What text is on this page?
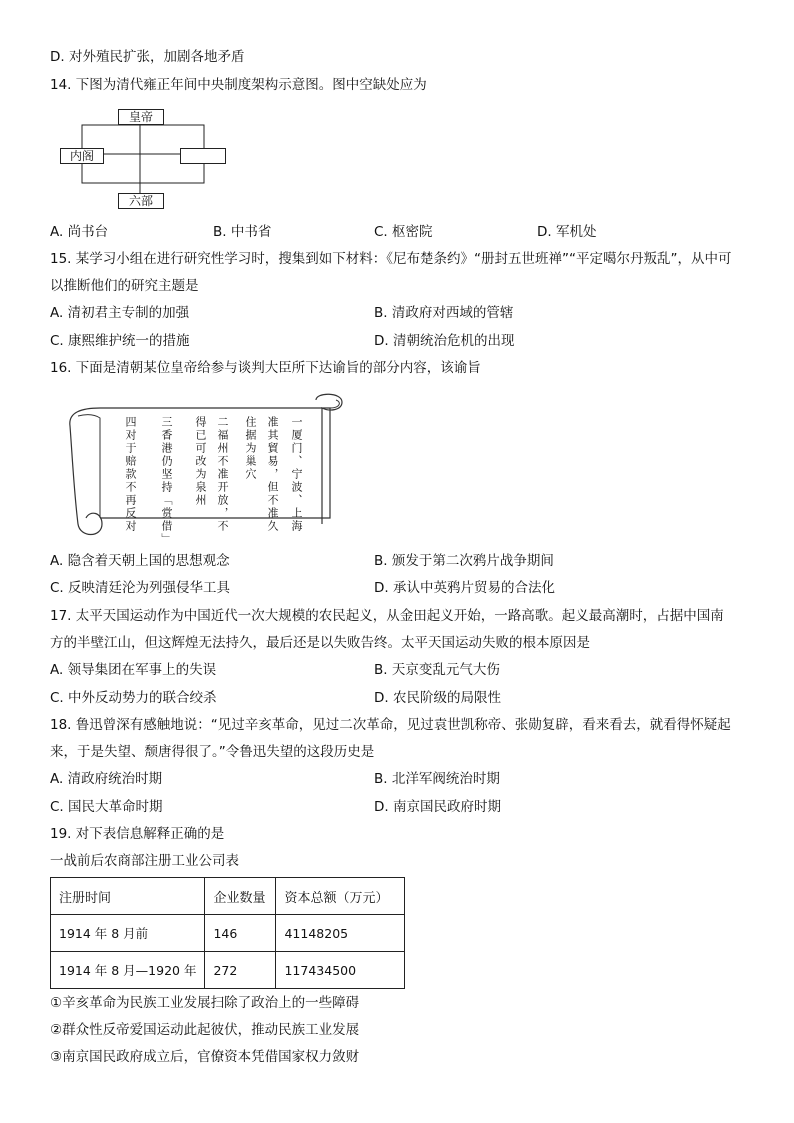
D. 对外殖民扩张，加剧各地矛盾
14. 下图为清代雍正年间中央制度架构示意图。图中空缺处应为
皇帝
内阁
六部
A. 尚书台	B. 中书省	C. 枢密院	D. 军机处
15. 某学习小组在进行研究性学习时，搜集到如下材料：《尼布楚条约》“册封五世班禅”“平定噶尔丹叛乱”，从中可
以推断他们的研究主题是
A. 清初君主专制的加强	B. 清政府对西域的管辖
C. 康熙维护统一的措施	D. 清朝统治危机的出现
16. 下面是清朝某位皇帝给参与谈判大臣所下达谕旨的部分内容，该谕旨
一厦门、宁波、上海
准其貿易，但不准久
住据为巢穴
二福州不准开放，不
得已可改为泉州
三香港仍坚持「赏借」
四对于赔款不再反对
A. 隐含着天朝上国的思想观念	B. 颁发于第二次鸦片战争期间
C. 反映清廷沦为列强侵华工具	D. 承认中英鸦片贸易的合法化
17. 太平天国运动作为中国近代一次大规模的农民起义，从金田起义开始，一路高歌。起义最高潮时，占据中国南
方的半壁江山，但这辉煌无法持久，最后还是以失败告终。太平天国运动失败的根本原因是
A. 领导集团在军事上的失误	B. 天京变乱元气大伤
C. 中外反动势力的联合绞杀	D. 农民阶级的局限性
18. 鲁迅曾深有感触地说：“见过辛亥革命，见过二次革命，见过袁世凯称帝、张勋复辟，看来看去，就看得怀疑起
来，于是失望、颓唐得很了。”令鲁迅失望的这段历史是
A. 清政府统治时期	B. 北洋军阀统治时期
C. 国民大革命时期	D. 南京国民政府时期
19. 对下表信息解释正确的是
一战前后农商部注册工业公司表
注册时间	企业数量	资本总额（万元）
1914 年 8 月前	146	41148205
1914 年 8 月—1920 年	272	117434500
①辛亥革命为民族工业发展扫除了政治上的一些障碍
②群众性反帝爱国运动此起彼伏，推动民族工业发展
③南京国民政府成立后，官僚资本凭借国家权力敛财
